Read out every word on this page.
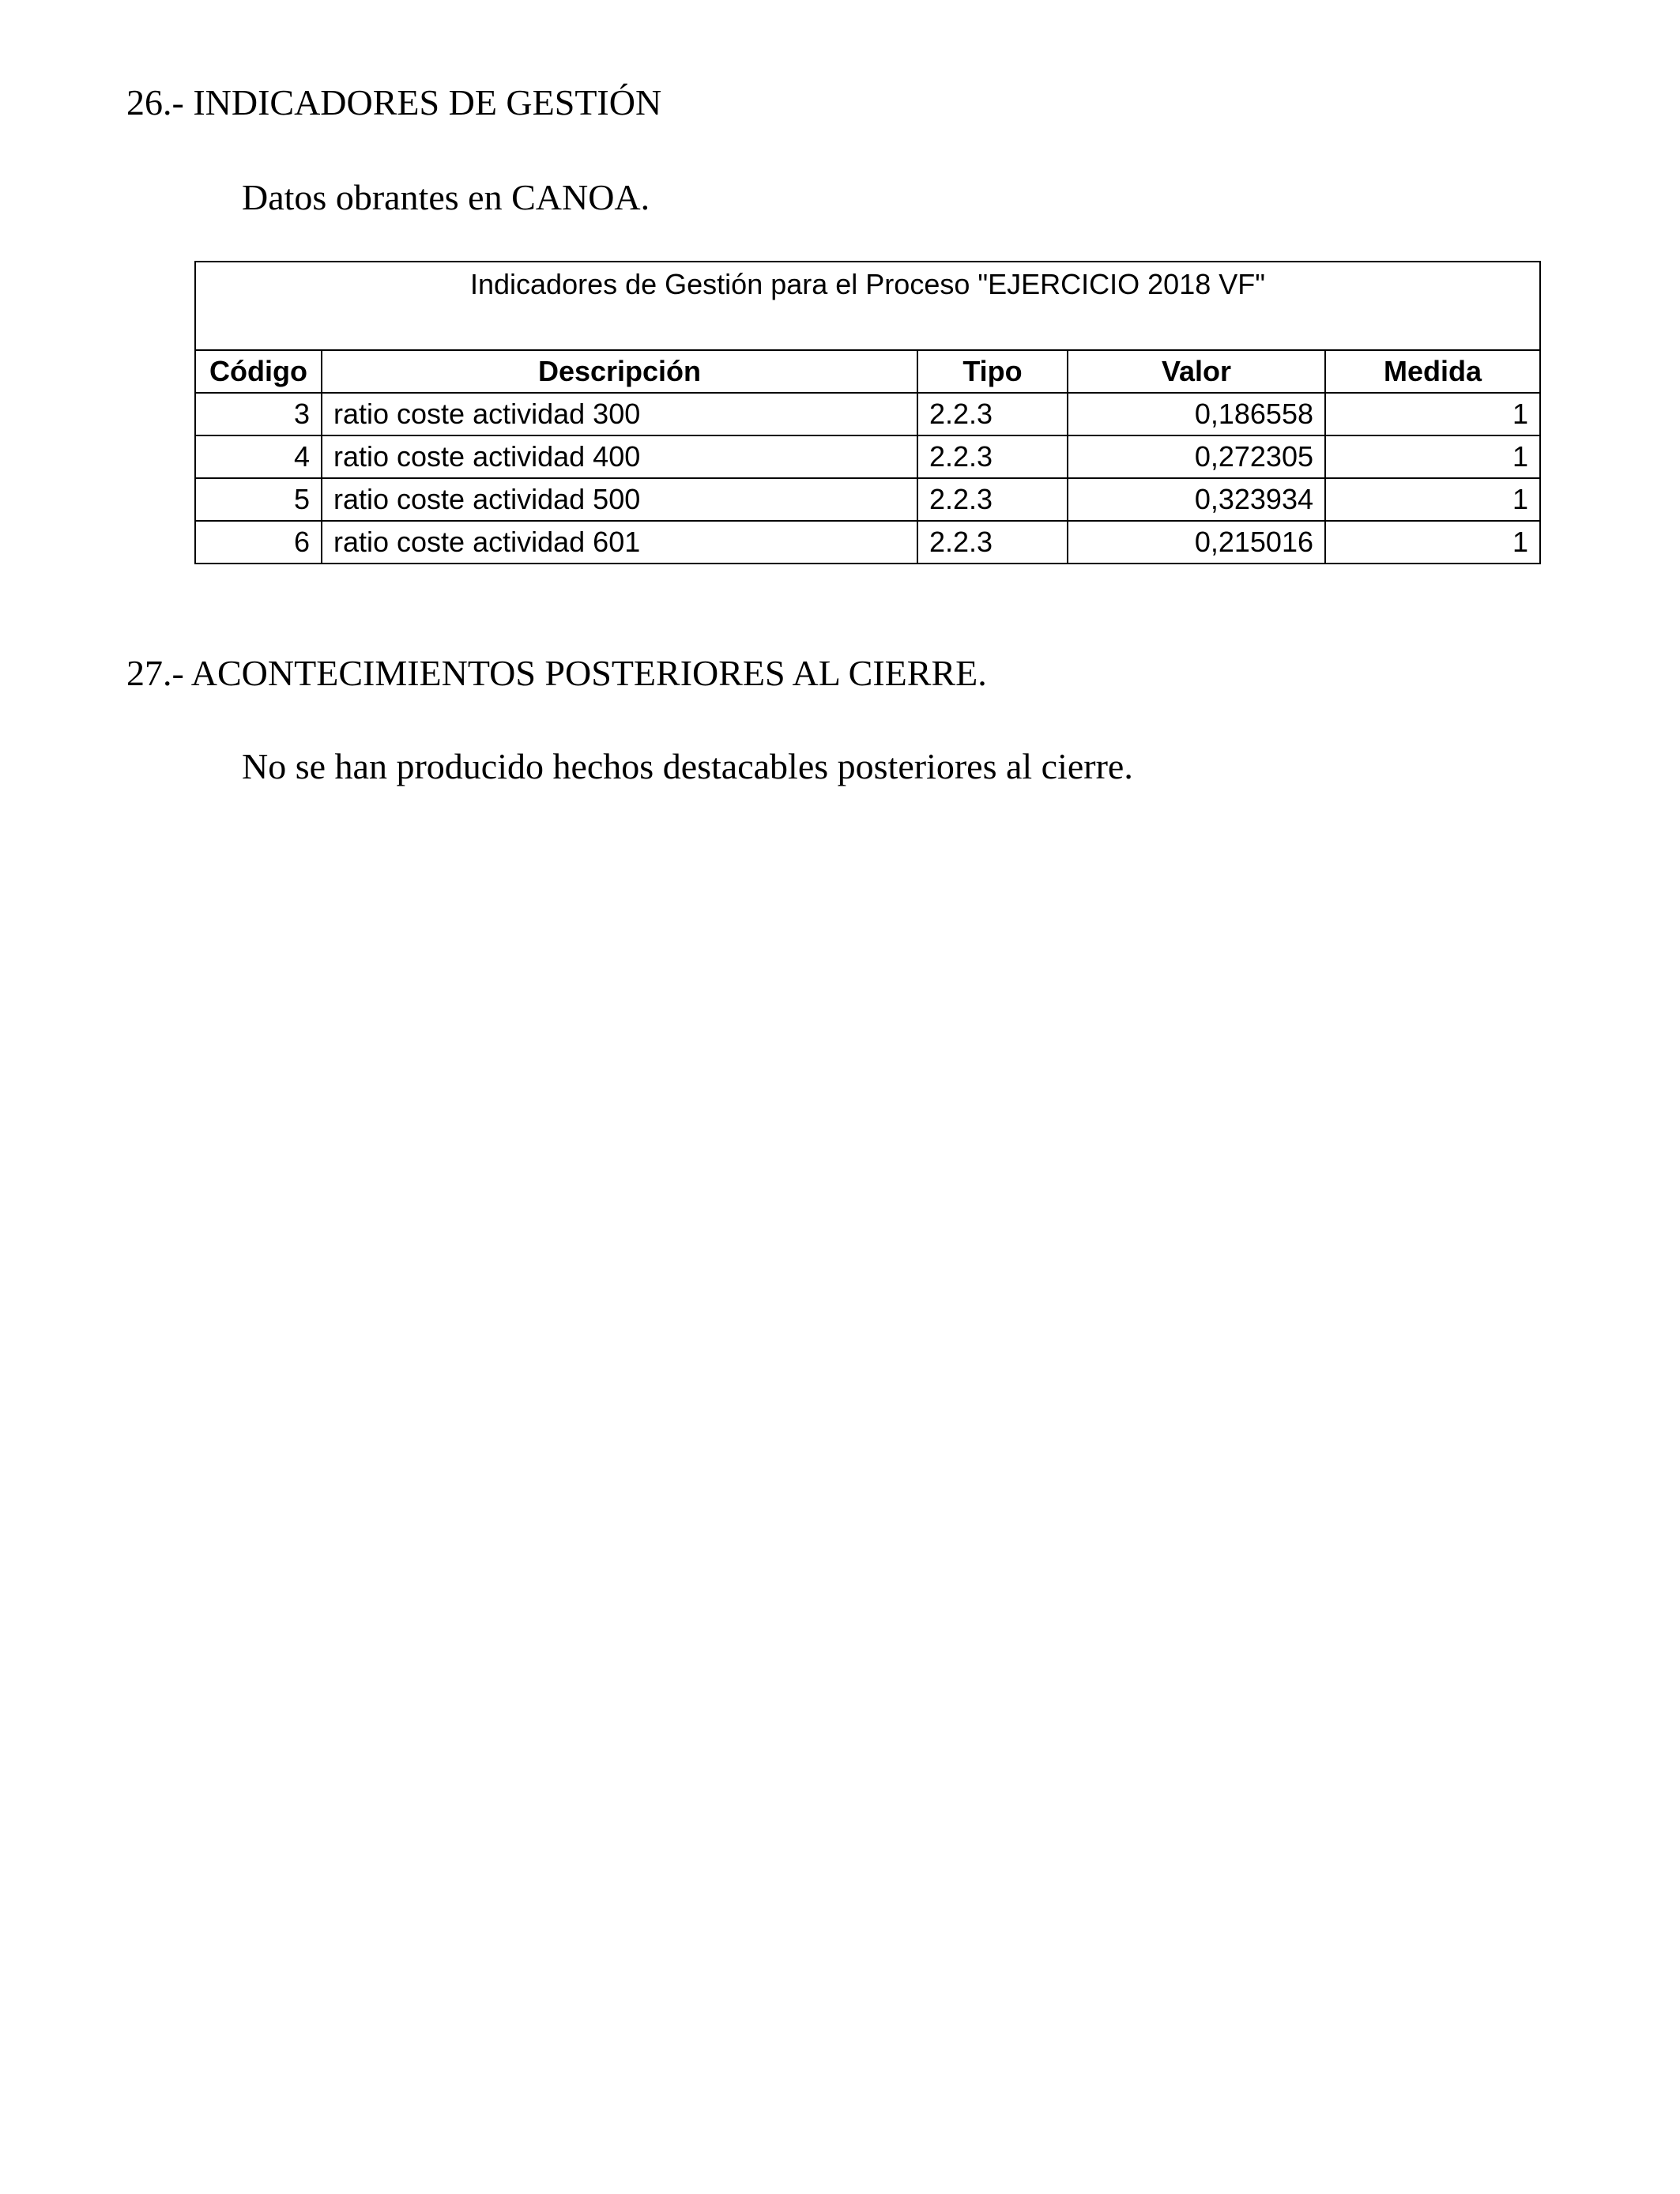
26.- INDICADORES DE GESTIÓN
Datos obrantes en CANOA.
Indicadores de Gestión para el Proceso "EJERCICIO 2018 VF"				
Código	Descripción	Tipo	Valor	Medida
3	ratio coste actividad 300	2.2.3	0,186558	1
4	ratio coste actividad 400	2.2.3	0,272305	1
5	ratio coste actividad 500	2.2.3	0,323934	1
6	ratio coste actividad 601	2.2.3	0,215016	1
27.- ACONTECIMIENTOS POSTERIORES AL CIERRE.
No se han producido hechos destacables posteriores al cierre.
